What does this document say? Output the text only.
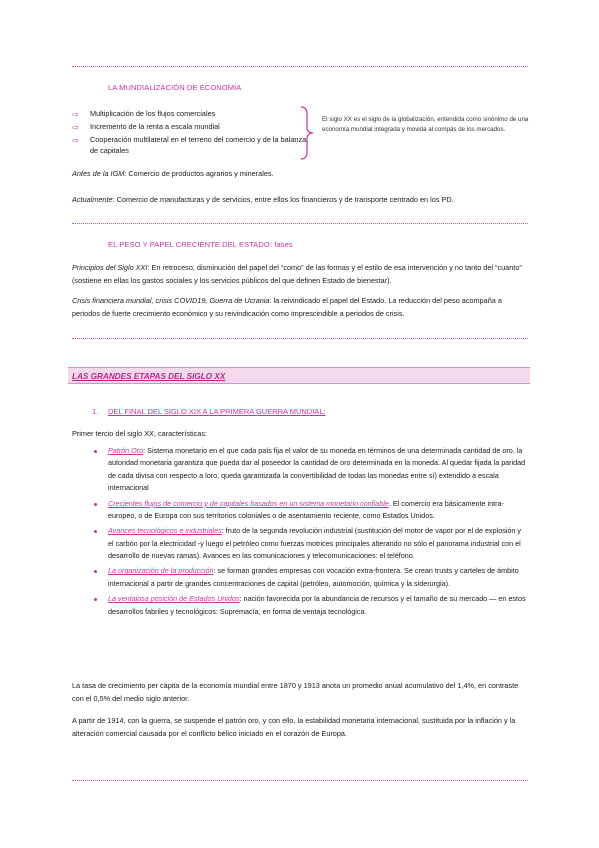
LA MUNDIALIZACIÓN DE ECONOMÍA
⇨	Multiplicación de los flujos comerciales
⇨	Incremento de la renta a escala mundial
⇨	Cooperación multilateral en el terreno del comercio y de la balanza de capitales
El siglo XX es el siglo de la globalización, entendida como sinónimo de una economía mundial integrada y movida al compás de los mercados.
Antes de la IGM: Comercio de productos agrarios y minerales.
Actualmente: Comercio de manufacturas y de servicios, entre ellos los financieros y de transporte centrado en los PD.
EL PESO Y PAPEL CRECIENTE DEL ESTADO: fases
Principios del Siglo XXI: En retroceso, disminución del papel del “como” de las formas y el estilo de esa intervención y no tanto del “cuanto” (sostiene en ellas los gastos sociales y los servicios públicos del que definen Estado de bienestar).
Crisis financiera mundial, crisis COVID19, Guerra de Ucrania: la reivindicado el papel del Estado. La reducción del peso acompaña a periodos de fuerte crecimiento económico y su reivindicación como imprescindible a periodos de crisis.
LAS GRANDES ETAPAS DEL SIGLO XX
1. DEL FINAL DEL SIGLO XIX A LA PRIMERA GUERRA MUNDIAL:
Primer tercio del siglo XX, características:
Patrón Oro: Sistema monetario en el que cada país fija el valor de su moneda en términos de una determinada cantidad de oro. la autoridad monetaria garantiza que pueda dar al poseedor la cantidad de oro determinada en la moneda. Al quedar fijada la paridad de cada divisa con respecto a loro, queda garantizada la convertibilidad de todas las monedas entre sí) extendido a escala internacional
Crecientes flujos de comercio y de capitales basados en un sistema monetario confiable. El comercio era básicamente intra-europeo, o de Europa con sus territorios coloniales o de asentamiento reciente, como Estados Unidos.
Avances tecnológicos e industriales: fruto de la segunda revolución industrial (sustitución del motor de vapor por el de explosión y el carbón por la electricidad -y luego el petróleo como fuerzas motrices principales alterando no sólo el panorama industrial con el desarrollo de nuevas ramas). Avances en las comunicaciones y telecomunicaciones: el teléfono.
La organización de la producción: se forman grandes empresas con vocación extra-frontera. Se crean trusts y carteles de ámbito internacional a partir de grandes concentraciones de capital (petróleo, automoción, química y la siderurgia).
La ventajosa posición de Estados Unidos: nación favorecida por la abundancia de recursos y el tamaño de su mercado — en estos desarrollos fabriles y tecnológicos: Supremacía, en forma de ventaja tecnológica.
La tasa de crecimiento per cápita de la economía mundial entre 1870 y 1913 anota un promedio anual acumulativo del 1,4%, en contraste con el 0,5% del medio siglo anterior.
A partir de 1914, con la guerra, se suspende el patrón oro, y con ello, la estabilidad monetaria internacional, sustituida por la inflación y la alteración comercial causada por el conflicto bélico iniciado en el corazón de Europa.
